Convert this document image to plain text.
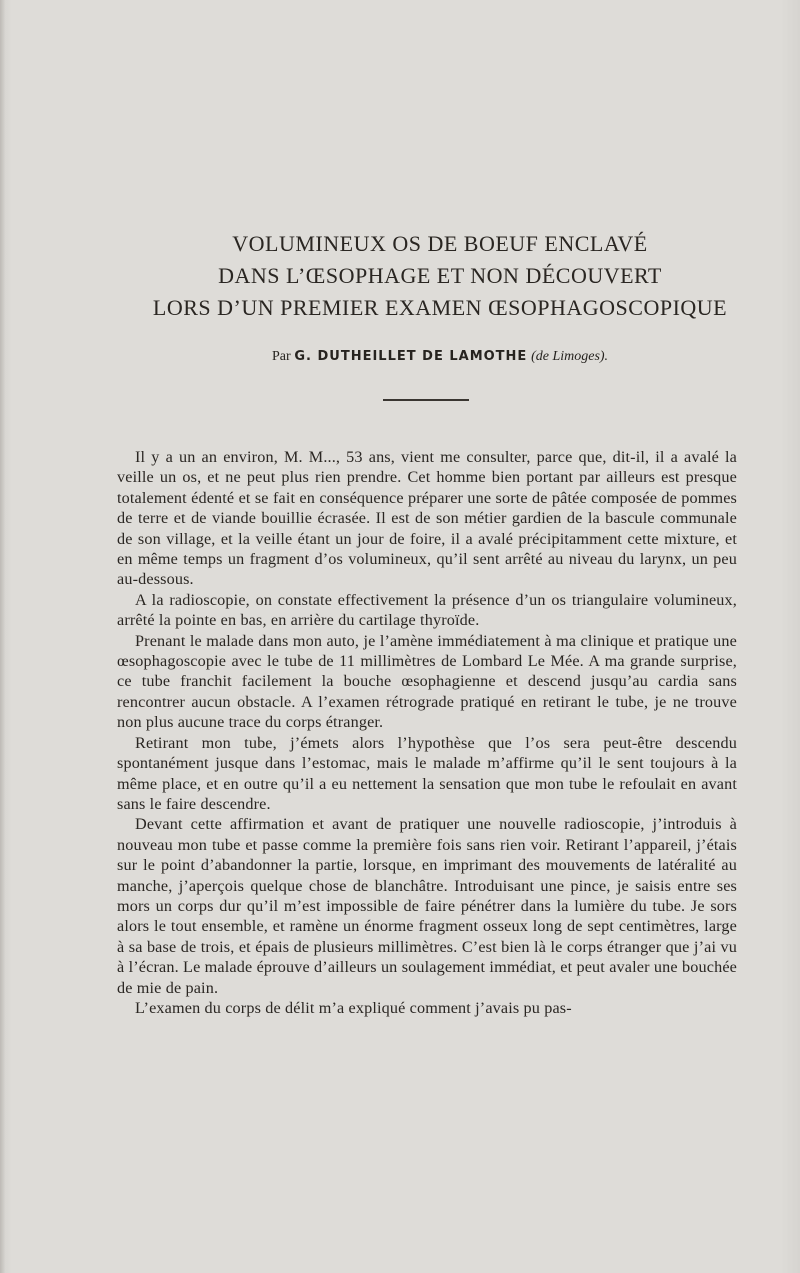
VOLUMINEUX OS DE BOEUF ENCLAVÉ
DANS L’ŒSOPHAGE ET NON DÉCOUVERT
LORS D’UN PREMIER EXAMEN ŒSOPHAGOSCOPIQUE
Par G. DUTHEILLET DE LAMOTHE (de Limoges).

Il y a un an environ, M. M..., 53 ans, vient me consulter, parce que, dit-il, il a avalé la veille un os, et ne peut plus rien prendre. Cet homme bien portant par ailleurs est presque totalement édenté et se fait en conséquence préparer une sorte de pâtée composée de pommes de terre et de viande bouillie écrasée. Il est de son métier gardien de la bascule communale de son village, et la veille étant un jour de foire, il a avalé précipitamment cette mixture, et en même temps un fragment d’os volumineux, qu’il sent arrêté au niveau du larynx, un peu au-dessous.

A la radioscopie, on constate effectivement la présence d’un os triangulaire volumineux, arrêté la pointe en bas, en arrière du cartilage thyroïde.

Prenant le malade dans mon auto, je l’amène immédiatement à ma clinique et pratique une œsophagoscopie avec le tube de 11 millimètres de Lombard Le Mée. A ma grande surprise, ce tube franchit facilement la bouche œsophagienne et descend jusqu’au cardia sans rencontrer aucun obstacle. A l’examen rétrograde pratiqué en retirant le tube, je ne trouve non plus aucune trace du corps étranger.

Retirant mon tube, j’émets alors l’hypothèse que l’os sera peut-être descendu spontanément jusque dans l’estomac, mais le malade m’affirme qu’il le sent toujours à la même place, et en outre qu’il a eu nettement la sensation que mon tube le refoulait en avant sans le faire descendre.

Devant cette affirmation et avant de pratiquer une nouvelle radioscopie, j’introduis à nouveau mon tube et passe comme la première fois sans rien voir. Retirant l’appareil, j’étais sur le point d’abandonner la partie, lorsque, en imprimant des mouvements de latéralité au manche, j’aperçois quelque chose de blanchâtre. Introduisant une pince, je saisis entre ses mors un corps dur qu’il m’est impossible de faire pénétrer dans la lumière du tube. Je sors alors le tout ensemble, et ramène un énorme fragment osseux long de sept centimètres, large à sa base de trois, et épais de plusieurs millimètres. C’est bien là le corps étranger que j’ai vu à l’écran. Le malade éprouve d’ailleurs un soulagement immédiat, et peut avaler une bouchée de mie de pain.

L’examen du corps de délit m’a expliqué comment j’avais pu pas-
